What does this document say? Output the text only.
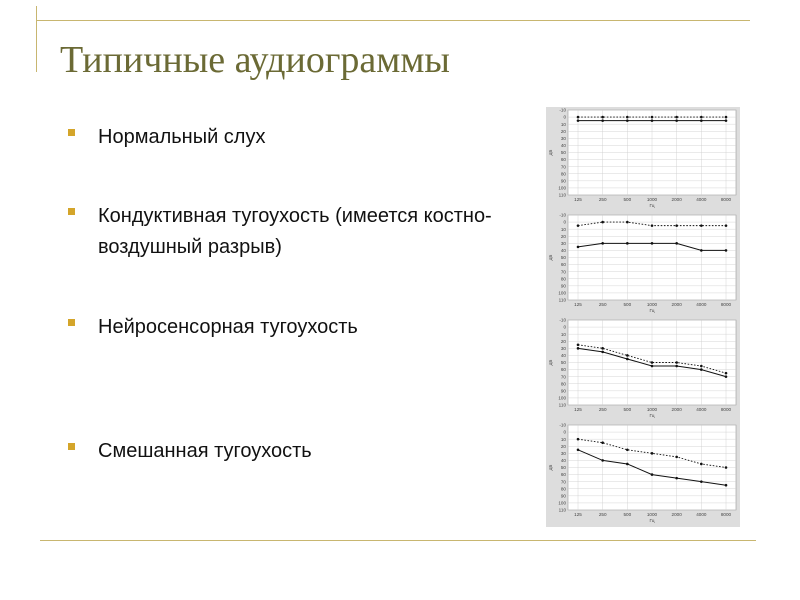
Типичные аудиограммы
Нормальный слух
Кондуктивная тугоухость (имеется костно-воздушный разрыв)
Нейросенсорная тугоухость
Смешанная тугоухость
-10
0
10
20
30
40
50
60
70
80
90
100
110
125	250	500	1000	2000	4000	8000
Гц
дБ
-10
0
10
20
30
40
50
60
70
80
90
100
110
125	250	500	1000	2000	4000	8000
Гц
дБ
-10
0
10
20
30
40
50
60
70
80
90
100
110
125	250	500	1000	2000	4000	8000
Гц
дБ
-10
0
10
20
30
40
50
60
70
80
90
100
110
125	250	500	1000	2000	4000	8000
Гц
дБ
